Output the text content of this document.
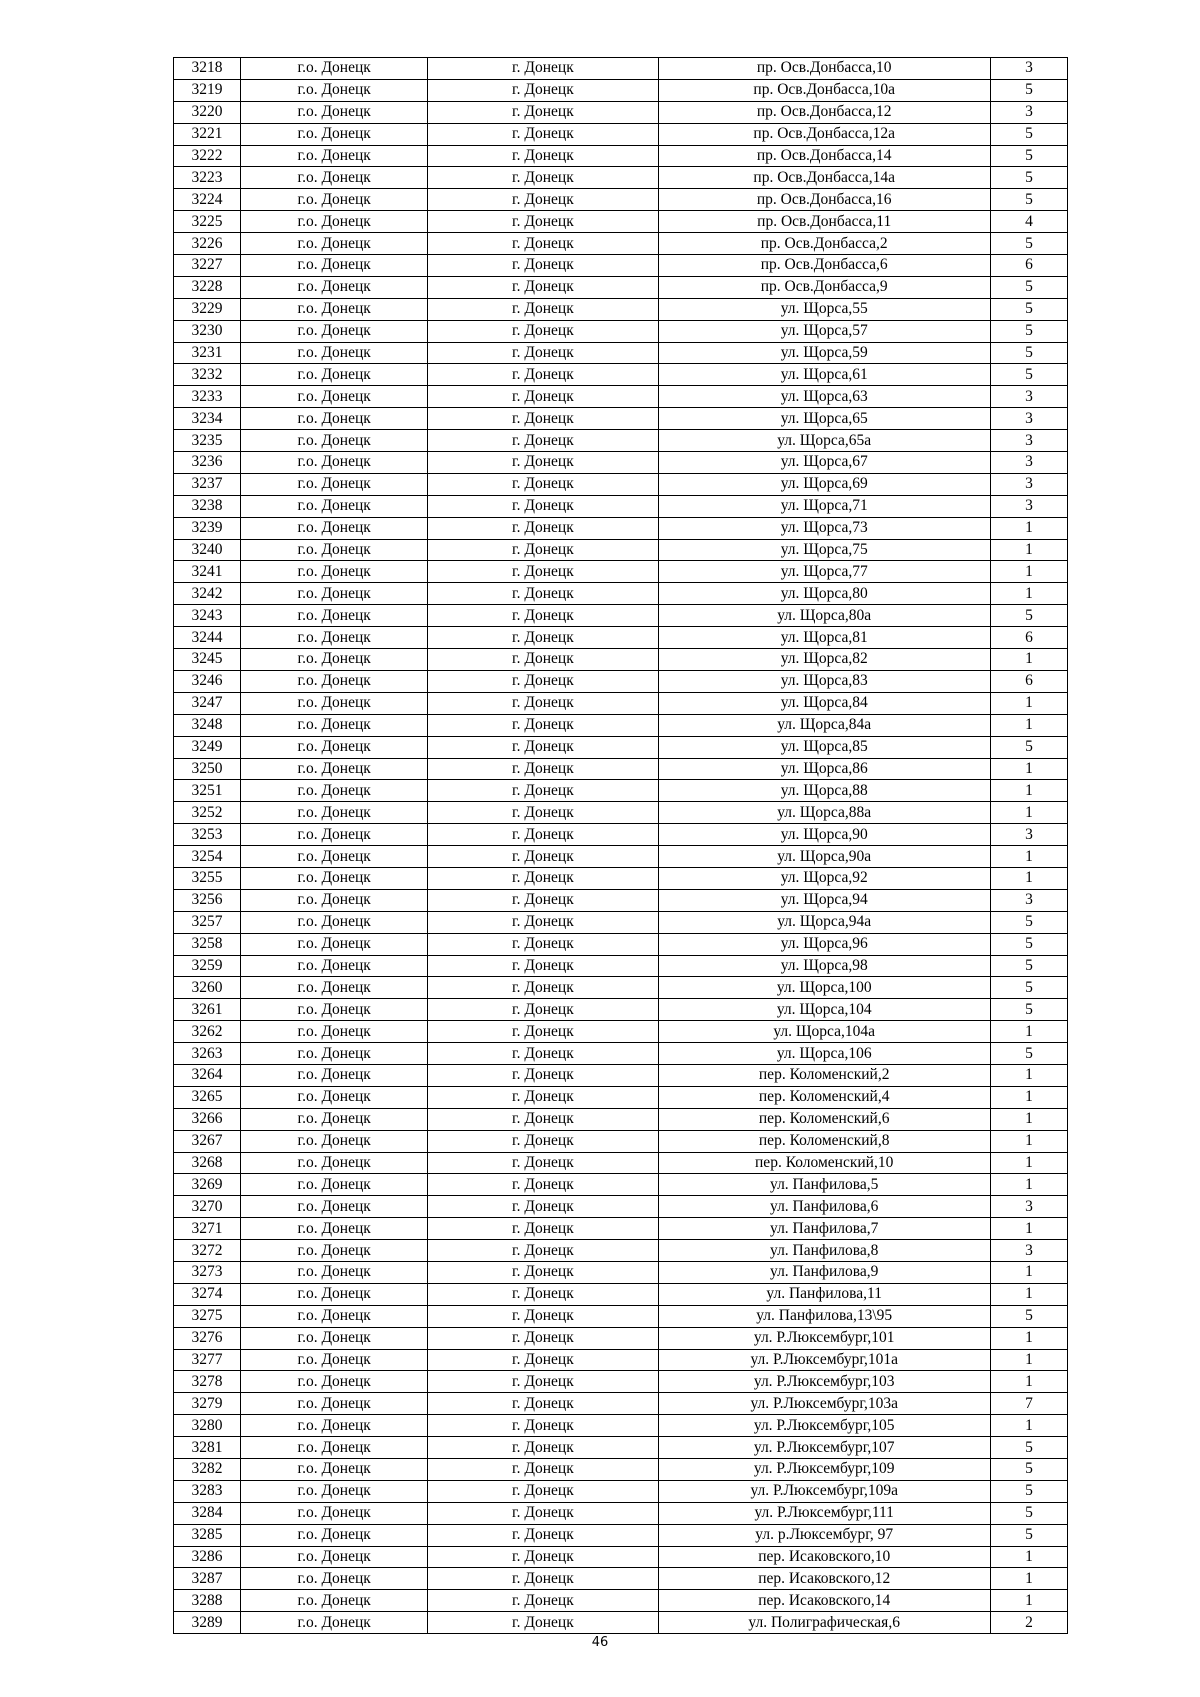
3218	г.о. Донецк	г. Донецк	пр. Осв.Донбасса,10	3
3219	г.о. Донецк	г. Донецк	пр. Осв.Донбасса,10а	5
3220	г.о. Донецк	г. Донецк	пр. Осв.Донбасса,12	3
3221	г.о. Донецк	г. Донецк	пр. Осв.Донбасса,12а	5
3222	г.о. Донецк	г. Донецк	пр. Осв.Донбасса,14	5
3223	г.о. Донецк	г. Донецк	пр. Осв.Донбасса,14а	5
3224	г.о. Донецк	г. Донецк	пр. Осв.Донбасса,16	5
3225	г.о. Донецк	г. Донецк	пр. Осв.Донбасса,11	4
3226	г.о. Донецк	г. Донецк	пр. Осв.Донбасса,2	5
3227	г.о. Донецк	г. Донецк	пр. Осв.Донбасса,6	6
3228	г.о. Донецк	г. Донецк	пр. Осв.Донбасса,9	5
3229	г.о. Донецк	г. Донецк	ул. Щорса,55	5
3230	г.о. Донецк	г. Донецк	ул. Щорса,57	5
3231	г.о. Донецк	г. Донецк	ул. Щорса,59	5
3232	г.о. Донецк	г. Донецк	ул. Щорса,61	5
3233	г.о. Донецк	г. Донецк	ул. Щорса,63	3
3234	г.о. Донецк	г. Донецк	ул. Щорса,65	3
3235	г.о. Донецк	г. Донецк	ул. Щорса,65а	3
3236	г.о. Донецк	г. Донецк	ул. Щорса,67	3
3237	г.о. Донецк	г. Донецк	ул. Щорса,69	3
3238	г.о. Донецк	г. Донецк	ул. Щорса,71	3
3239	г.о. Донецк	г. Донецк	ул. Щорса,73	1
3240	г.о. Донецк	г. Донецк	ул. Щорса,75	1
3241	г.о. Донецк	г. Донецк	ул. Щорса,77	1
3242	г.о. Донецк	г. Донецк	ул. Щорса,80	1
3243	г.о. Донецк	г. Донецк	ул. Щорса,80а	5
3244	г.о. Донецк	г. Донецк	ул. Щорса,81	6
3245	г.о. Донецк	г. Донецк	ул. Щорса,82	1
3246	г.о. Донецк	г. Донецк	ул. Щорса,83	6
3247	г.о. Донецк	г. Донецк	ул. Щорса,84	1
3248	г.о. Донецк	г. Донецк	ул. Щорса,84а	1
3249	г.о. Донецк	г. Донецк	ул. Щорса,85	5
3250	г.о. Донецк	г. Донецк	ул. Щорса,86	1
3251	г.о. Донецк	г. Донецк	ул. Щорса,88	1
3252	г.о. Донецк	г. Донецк	ул. Щорса,88а	1
3253	г.о. Донецк	г. Донецк	ул. Щорса,90	3
3254	г.о. Донецк	г. Донецк	ул. Щорса,90а	1
3255	г.о. Донецк	г. Донецк	ул. Щорса,92	1
3256	г.о. Донецк	г. Донецк	ул. Щорса,94	3
3257	г.о. Донецк	г. Донецк	ул. Щорса,94а	5
3258	г.о. Донецк	г. Донецк	ул. Щорса,96	5
3259	г.о. Донецк	г. Донецк	ул. Щорса,98	5
3260	г.о. Донецк	г. Донецк	ул. Щорса,100	5
3261	г.о. Донецк	г. Донецк	ул. Щорса,104	5
3262	г.о. Донецк	г. Донецк	ул. Щорса,104а	1
3263	г.о. Донецк	г. Донецк	ул. Щорса,106	5
3264	г.о. Донецк	г. Донецк	пер. Коломенский,2	1
3265	г.о. Донецк	г. Донецк	пер. Коломенский,4	1
3266	г.о. Донецк	г. Донецк	пер. Коломенский,6	1
3267	г.о. Донецк	г. Донецк	пер. Коломенский,8	1
3268	г.о. Донецк	г. Донецк	пер. Коломенский,10	1
3269	г.о. Донецк	г. Донецк	ул. Панфилова,5	1
3270	г.о. Донецк	г. Донецк	ул. Панфилова,6	3
3271	г.о. Донецк	г. Донецк	ул. Панфилова,7	1
3272	г.о. Донецк	г. Донецк	ул. Панфилова,8	3
3273	г.о. Донецк	г. Донецк	ул. Панфилова,9	1
3274	г.о. Донецк	г. Донецк	ул. Панфилова,11	1
3275	г.о. Донецк	г. Донецк	ул. Панфилова,13\95	5
3276	г.о. Донецк	г. Донецк	ул. Р.Люксембург,101	1
3277	г.о. Донецк	г. Донецк	ул. Р.Люксембург,101а	1
3278	г.о. Донецк	г. Донецк	ул. Р.Люксембург,103	1
3279	г.о. Донецк	г. Донецк	ул. Р.Люксембург,103а	7
3280	г.о. Донецк	г. Донецк	ул. Р.Люксембург,105	1
3281	г.о. Донецк	г. Донецк	ул. Р.Люксембург,107	5
3282	г.о. Донецк	г. Донецк	ул. Р.Люксембург,109	5
3283	г.о. Донецк	г. Донецк	ул. Р.Люксембург,109а	5
3284	г.о. Донецк	г. Донецк	ул. Р.Люксембург,111	5
3285	г.о. Донецк	г. Донецк	ул. р.Люксембург, 97	5
3286	г.о. Донецк	г. Донецк	пер. Исаковского,10	1
3287	г.о. Донецк	г. Донецк	пер. Исаковского,12	1
3288	г.о. Донецк	г. Донецк	пер. Исаковского,14	1
3289	г.о. Донецк	г. Донецк	ул. Полиграфическая,6	2
46
